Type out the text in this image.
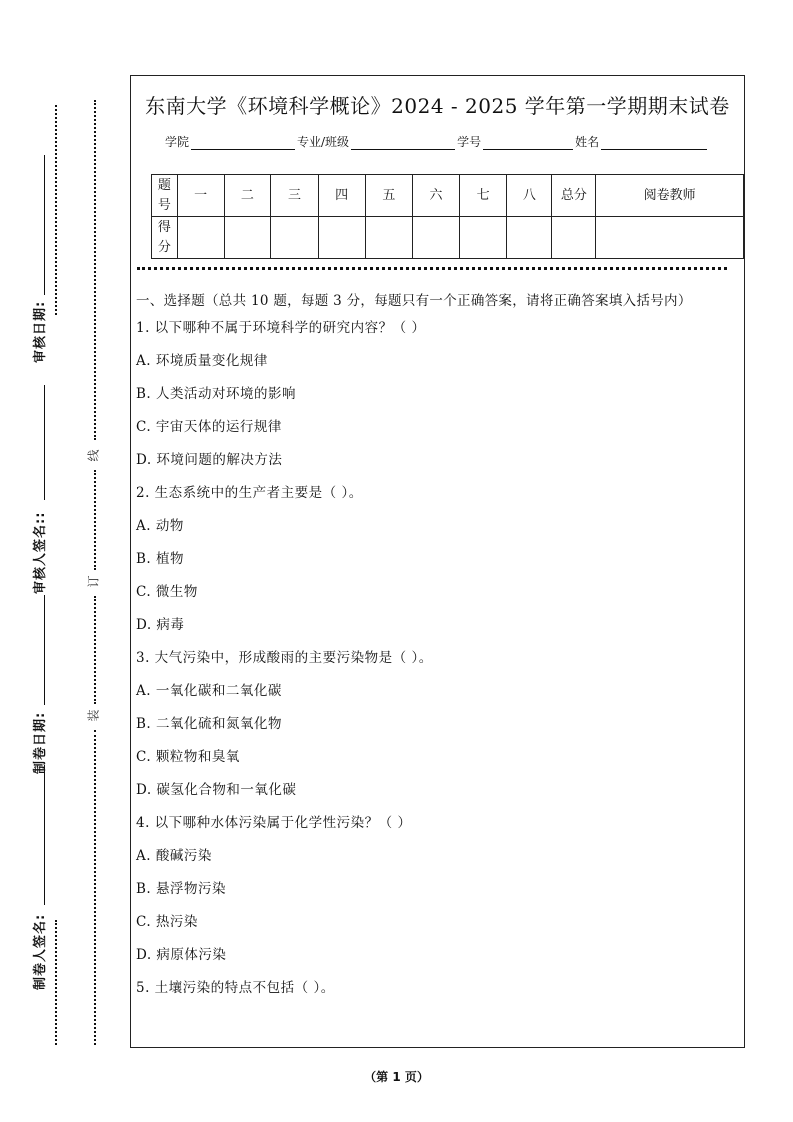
审核日期:
审核人签名::
制卷日期:
制卷人签名:
线
订
装
东南大学《环境科学概论》2024 - 2025 学年第一学期期末试卷
学院	专业/班级	学号	姓名
题号	一	二	三	四	五	六	七	八	总分	阅卷教师
得分										
一、选择题（总共 10 题，每题 3 分，每题只有一个正确答案，请将正确答案填入括号内）
1. 以下哪种不属于环境科学的研究内容？（ ）
A. 环境质量变化规律
B. 人类活动对环境的影响
C. 宇宙天体的运行规律
D. 环境问题的解决方法
2. 生态系统中的生产者主要是（ ）。
A. 动物
B. 植物
C. 微生物
D. 病毒
3. 大气污染中，形成酸雨的主要污染物是（ ）。
A. 一氧化碳和二氧化碳
B. 二氧化硫和氮氧化物
C. 颗粒物和臭氧
D. 碳氢化合物和一氧化碳
4. 以下哪种水体污染属于化学性污染？（ ）
A. 酸碱污染
B. 悬浮物污染
C. 热污染
D. 病原体污染
5. 土壤污染的特点不包括（ ）。
（第 1 页）
